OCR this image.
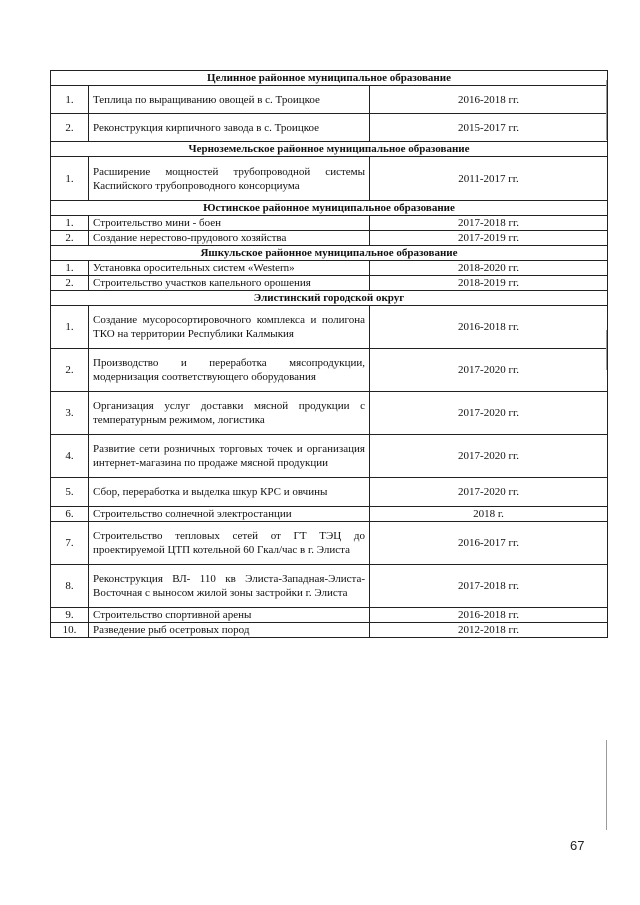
Целинное районное муниципальное образование		
1.	Теплица по выращиванию овощей в с. Троицкое	2016-2018 гг.
2.	Реконструкция кирпичного завода в с. Троицкое	2015-2017 гг.
Черноземельское районное муниципальное образование		
1.	Расширение мощностей трубопроводной системы Каспийского трубопроводного консорциума	2011-2017 гг.
Юстинское районное муниципальное образование		
1.	Строительство мини - боен	2017-2018 гг.
2.	Создание нерестово-прудового хозяйства	2017-2019 гг.
Яшкульское районное муниципальное образование		
1.	Установка оросительных систем «Western»	2018-2020 гг.
2.	Строительство участков капельного орошения	2018-2019 гг.
Элистинский городской округ		
1.	Создание мусоросортировочного комплекса и полигона ТКО на территории Республики Калмыкия	2016-2018 гг.
2.	Производство и переработка мясопродукции, модернизация соответствующего оборудования	2017-2020 гг.
3.	Организация услуг доставки мясной продукции с температурным режимом, логистика	2017-2020 гг.
4.	Развитие сети розничных торговых точек и организация интернет-магазина по продаже мясной продукции	2017-2020 гг.
5.	Сбор, переработка и выделка шкур КРС и овчины	2017-2020 гг.
6.	Строительство солнечной электростанции	2018 г.
7.	Строительство тепловых сетей от ГТ ТЭЦ до проектируемой ЦТП котельной 60 Гкал/час в г. Элиста	2016-2017 гг.
8.	Реконструкция ВЛ- 110 кв Элиста-Западная-Элиста-Восточная с выносом жилой зоны застройки г. Элиста	2017-2018 гг.
9.	Строительство спортивной арены	2016-2018 гг.
10.	Разведение рыб осетровых пород	2012-2018 гг.
67
